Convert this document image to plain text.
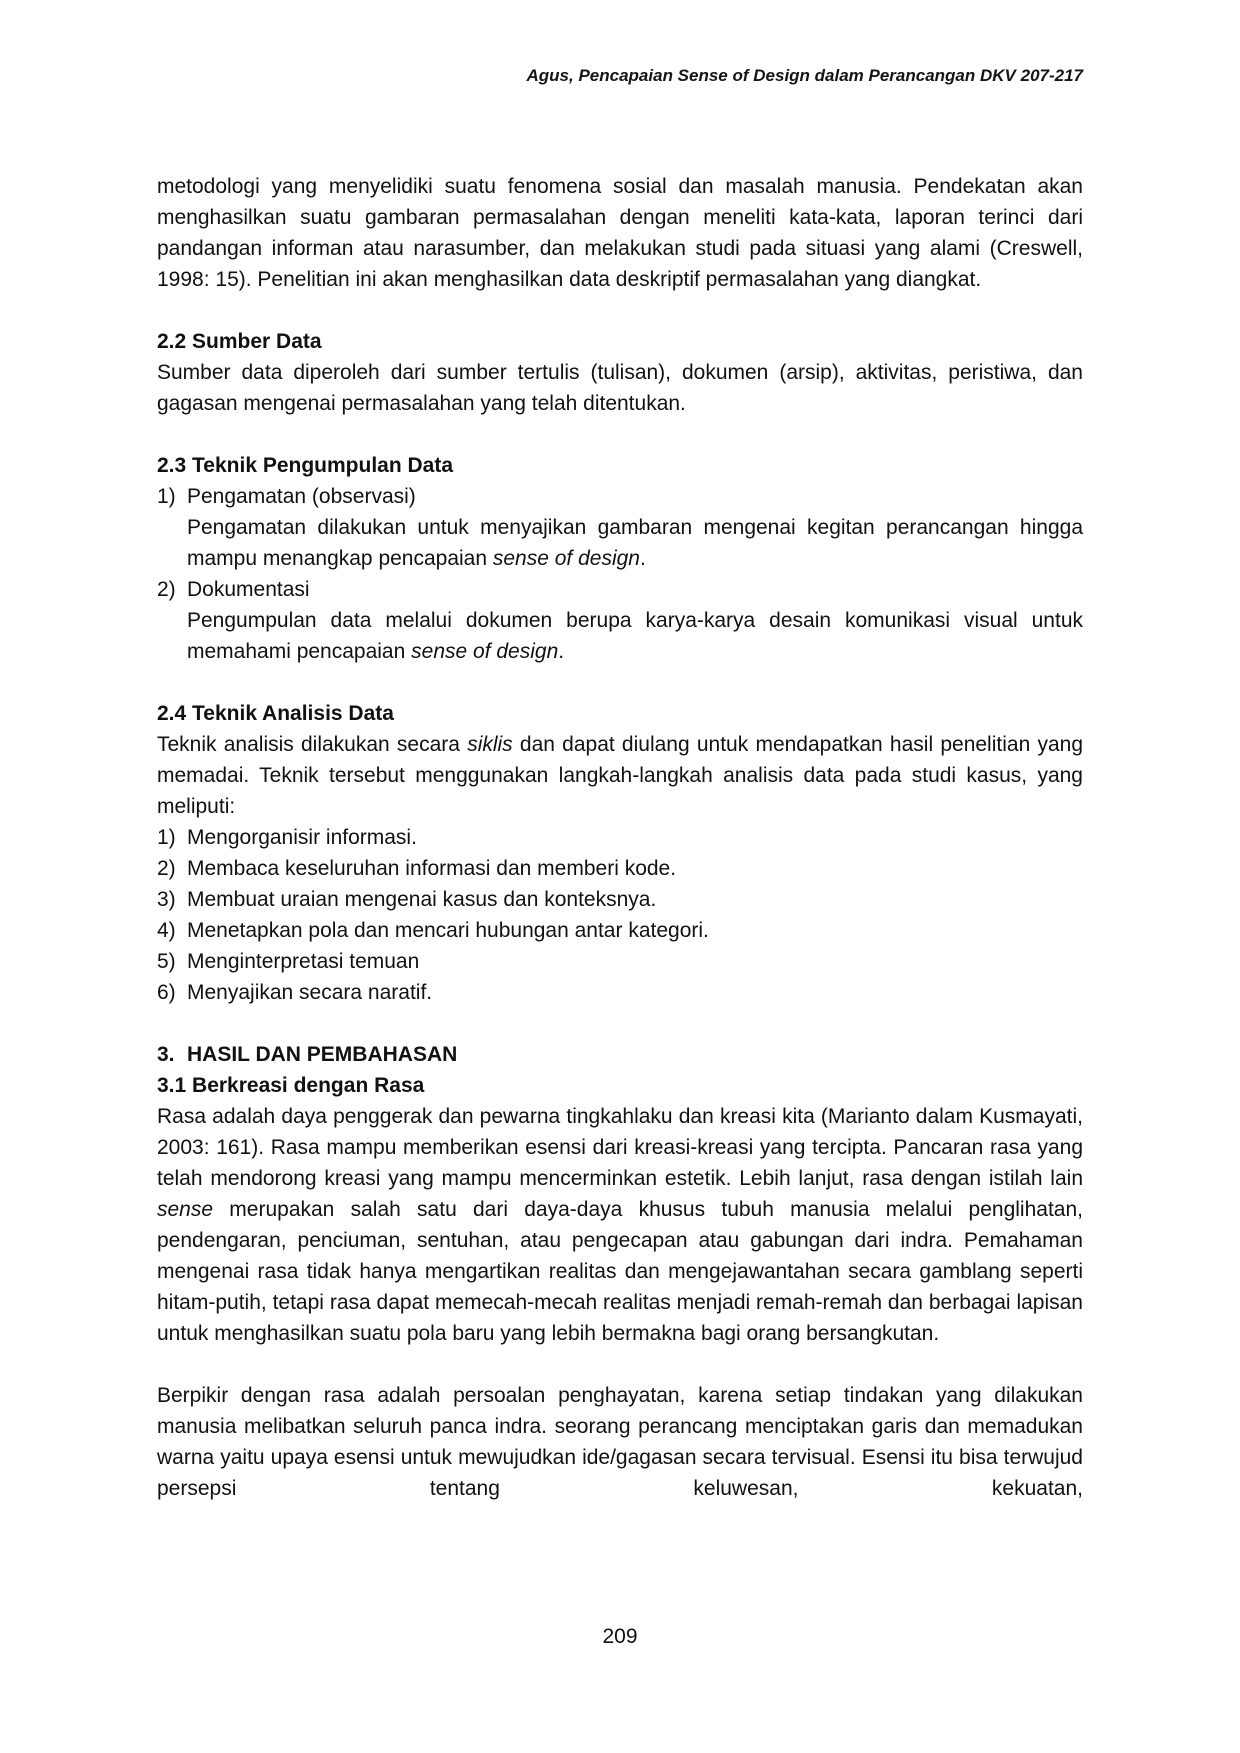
Agus, Pencapaian Sense of Design dalam Perancangan DKV 207-217

metodologi yang menyelidiki suatu fenomena sosial dan masalah manusia. Pendekatan akan menghasilkan suatu gambaran permasalahan dengan meneliti kata-kata, laporan terinci dari pandangan informan atau narasumber, dan melakukan studi pada situasi yang alami (Creswell, 1998: 15). Penelitian ini akan menghasilkan data deskriptif permasalahan yang diangkat.

2.2 Sumber Data

Sumber data diperoleh dari sumber tertulis (tulisan), dokumen (arsip), aktivitas, peristiwa, dan gagasan mengenai permasalahan yang telah ditentukan.

2.3 Teknik Pengumpulan Data
1) Pengamatan (observasi)

Pengamatan dilakukan untuk menyajikan gambaran mengenai kegitan perancangan hingga mampu menangkap pencapaian sense of design.

2) Dokumentasi

Pengumpulan data melalui dokumen berupa karya-karya desain komunikasi visual untuk memahami pencapaian sense of design.

2.4 Teknik Analisis Data

Teknik analisis dilakukan secara siklis dan dapat diulang untuk mendapatkan hasil penelitian yang memadai. Teknik tersebut menggunakan langkah-langkah analisis data pada studi kasus, yang meliputi:

1) Mengorganisir informasi.
2) Membaca keseluruhan informasi dan memberi kode.
3) Membuat uraian mengenai kasus dan konteksnya.
4) Menetapkan pola dan mencari hubungan antar kategori.
5) Menginterpretasi temuan
6) Menyajikan secara naratif.
3. HASIL DAN PEMBAHASAN
3.1 Berkreasi dengan Rasa

Rasa adalah daya penggerak dan pewarna tingkahlaku dan kreasi kita (Marianto dalam Kusmayati, 2003: 161). Rasa mampu memberikan esensi dari kreasi-kreasi yang tercipta. Pancaran rasa yang telah mendorong kreasi yang mampu mencerminkan estetik. Lebih lanjut, rasa dengan istilah lain sense merupakan salah satu dari daya-daya khusus tubuh manusia melalui penglihatan, pendengaran, penciuman, sentuhan, atau pengecapan atau gabungan dari indra. Pemahaman mengenai rasa tidak hanya mengartikan realitas dan mengejawantahan secara gamblang seperti hitam-putih, tetapi rasa dapat memecah-mecah realitas menjadi remah-remah dan berbagai lapisan untuk menghasilkan suatu pola baru yang lebih bermakna bagi orang bersangkutan.

Berpikir dengan rasa adalah persoalan penghayatan, karena setiap tindakan yang dilakukan manusia melibatkan seluruh panca indra. seorang perancang menciptakan garis dan memadukan warna yaitu upaya esensi untuk mewujudkan ide/gagasan secara tervisual. Esensi itu bisa terwujud persepsi tentang keluwesan, kekuatan,

209
